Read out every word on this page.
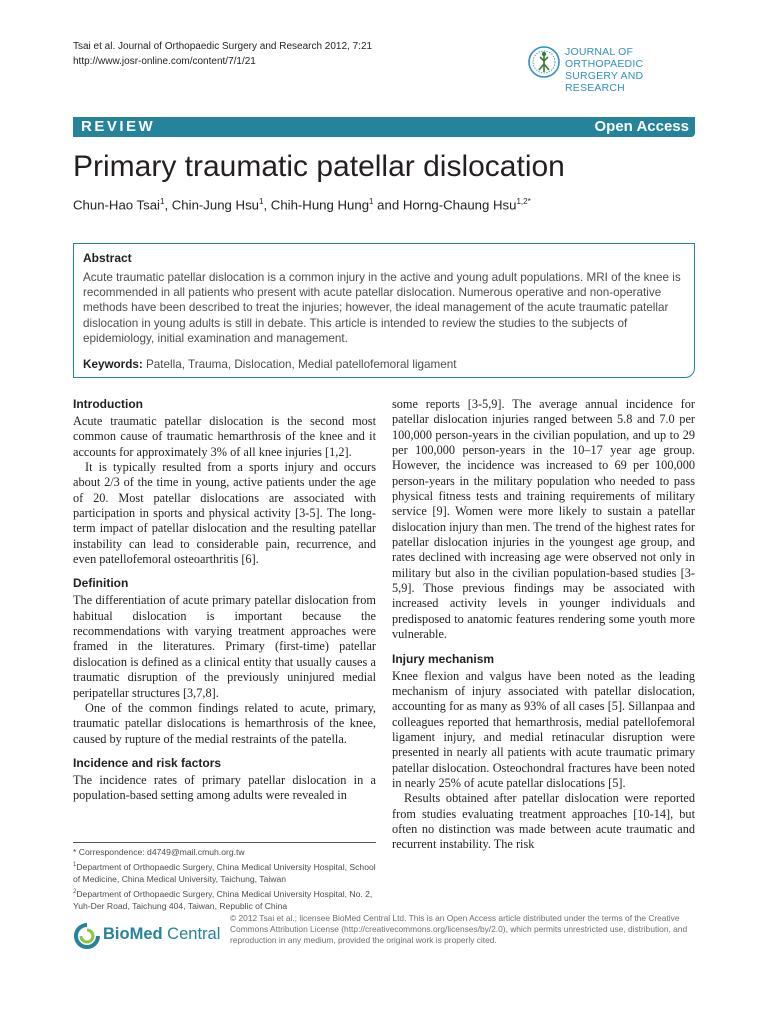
Tsai et al. Journal of Orthopaedic Surgery and Research 2012, 7:21
http://www.josr-online.com/content/7/1/21
JOURNAL OF ORTHOPAEDIC
SURGERY AND RESEARCH
REVIEW	Open Access
Primary traumatic patellar dislocation
Chun-Hao Tsai$^1$, Chin-Jung Hsu$^1$, Chih-Hung Hung$^1$ and Horng-Chaung Hsu$^{1,2*}$
Abstract
Acute traumatic patellar dislocation is a common injury in the active and young adult populations. MRI of the knee is recommended in all patients who present with acute patellar dislocation. Numerous operative and non-operative methods have been described to treat the injuries; however, the ideal management of the acute traumatic patellar dislocation in young adults is still in debate. This article is intended to review the studies to the subjects of epidemiology, initial examination and management.
Keywords: Patella, Trauma, Dislocation, Medial patellofemoral ligament
Introduction

Acute traumatic patellar dislocation is the second most common cause of traumatic hemarthrosis of the knee and it accounts for approximately 3% of all knee injuries [1,2].

It is typically resulted from a sports injury and occurs about 2/3 of the time in young, active patients under the age of 20. Most patellar dislocations are associated with participation in sports and physical activity [3-5]. The long-term impact of patellar dislocation and the resulting patellar instability can lead to considerable pain, recurrence, and even patellofemoral osteoarthritis [6].

Definition

The differentiation of acute primary patellar dislocation from habitual dislocation is important because the recommendations with varying treatment approaches were framed in the literatures. Primary (first-time) patellar dislocation is defined as a clinical entity that usually causes a traumatic disruption of the previously uninjured medial peripatellar structures [3,7,8].

One of the common findings related to acute, primary, traumatic patellar dislocations is hemarthrosis of the knee, caused by rupture of the medial restraints of the patella.

Incidence and risk factors

The incidence rates of primary patellar dislocation in a population-based setting among adults were revealed in

some reports [3-5,9]. The average annual incidence for patellar dislocation injuries ranged between 5.8 and 7.0 per 100,000 person-years in the civilian population, and up to 29 per 100,000 person-years in the 10–17 year age group. However, the incidence was increased to 69 per 100,000 person-years in the military population who needed to pass physical fitness tests and training requirements of military service [9]. Women were more likely to sustain a patellar dislocation injury than men. The trend of the highest rates for patellar dislocation injuries in the youngest age group, and rates declined with increasing age were observed not only in military but also in the civilian population-based studies [3-5,9]. Those previous findings may be associated with increased activity levels in younger individuals and predisposed to anatomic features rendering some youth more vulnerable.

Injury mechanism

Knee flexion and valgus have been noted as the leading mechanism of injury associated with patellar dislocation, accounting for as many as 93% of all cases [5]. Sillanpaa and colleagues reported that hemarthrosis, medial patellofemoral ligament injury, and medial retinacular disruption were presented in nearly all patients with acute traumatic primary patellar dislocation. Osteochondral fractures have been noted in nearly 25% of acute patellar dislocations [5].

Results obtained after patellar dislocation were reported from studies evaluating treatment approaches [10-14], but often no distinction was made between acute traumatic and recurrent instability. The risk

* Correspondence: d4749@mail.cmuh.org.tw
$^1$Department of Orthopaedic Surgery, China Medical University Hospital, School of Medicine, China Medical University, Taichung, Taiwan
$^2$Department of Orthopaedic Surgery, China Medical University Hospital, No. 2, Yuh-Der Road, Taichung 404, Taiwan, Republic of China
BioMed Central
© 2012 Tsai et al.; licensee BioMed Central Ltd. This is an Open Access article distributed under the terms of the Creative Commons Attribution License (http://creativecommons.org/licenses/by/2.0), which permits unrestricted use, distribution, and reproduction in any medium, provided the original work is properly cited.
